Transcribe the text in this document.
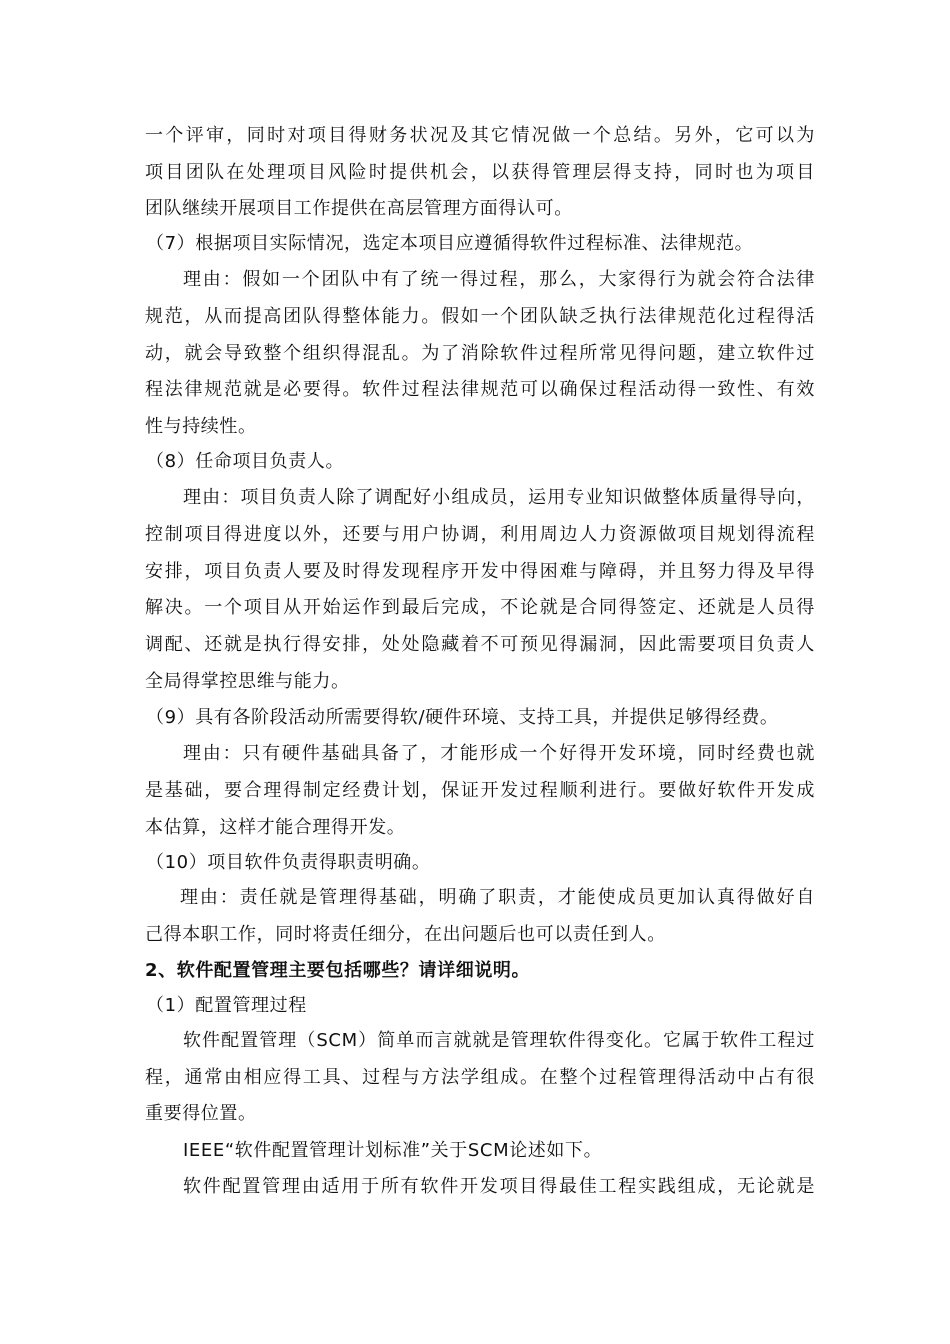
一个评审，同时对项目得财务状况及其它情况做一个总结。另外，它可以为
项目团队在处理项目风险时提供机会，以获得管理层得支持，同时也为项目
团队继续开展项目工作提供在高层管理方面得认可。
（7）根据项目实际情况，选定本项目应遵循得软件过程标准、法律规范。
理由：假如一个团队中有了统一得过程，那么，大家得行为就会符合法律
规范，从而提高团队得整体能力。假如一个团队缺乏执行法律规范化过程得活
动，就会导致整个组织得混乱。为了消除软件过程所常见得问题，建立软件过
程法律规范就是必要得。软件过程法律规范可以确保过程活动得一致性、有效
性与持续性。
（8）任命项目负责人。
理由：项目负责人除了调配好小组成员，运用专业知识做整体质量得导向，
控制项目得进度以外，还要与用户协调，利用周边人力资源做项目规划得流程
安排，项目负责人要及时得发现程序开发中得困难与障碍，并且努力得及早得
解决。一个项目从开始运作到最后完成，不论就是合同得签定、还就是人员得
调配、还就是执行得安排，处处隐藏着不可预见得漏洞，因此需要项目负责人
全局得掌控思维与能力。
（9）具有各阶段活动所需要得软/硬件环境、支持工具，并提供足够得经费。
理由：只有硬件基础具备了，才能形成一个好得开发环境，同时经费也就
是基础，要合理得制定经费计划，保证开发过程顺利进行。要做好软件开发成
本估算，这样才能合理得开发。
（10）项目软件负责得职责明确。
理由：责任就是管理得基础，明确了职责，才能使成员更加认真得做好自
己得本职工作，同时将责任细分，在出问题后也可以责任到人。
2、软件配置管理主要包括哪些？请详细说明。
（1）配置管理过程
软件配置管理（SCM）简单而言就就是管理软件得变化。它属于软件工程过
程，通常由相应得工具、过程与方法学组成。在整个过程管理得活动中占有很
重要得位置。
IEEE“软件配置管理计划标准”关于SCM论述如下。
软件配置管理由适用于所有软件开发项目得最佳工程实践组成，无论就是
